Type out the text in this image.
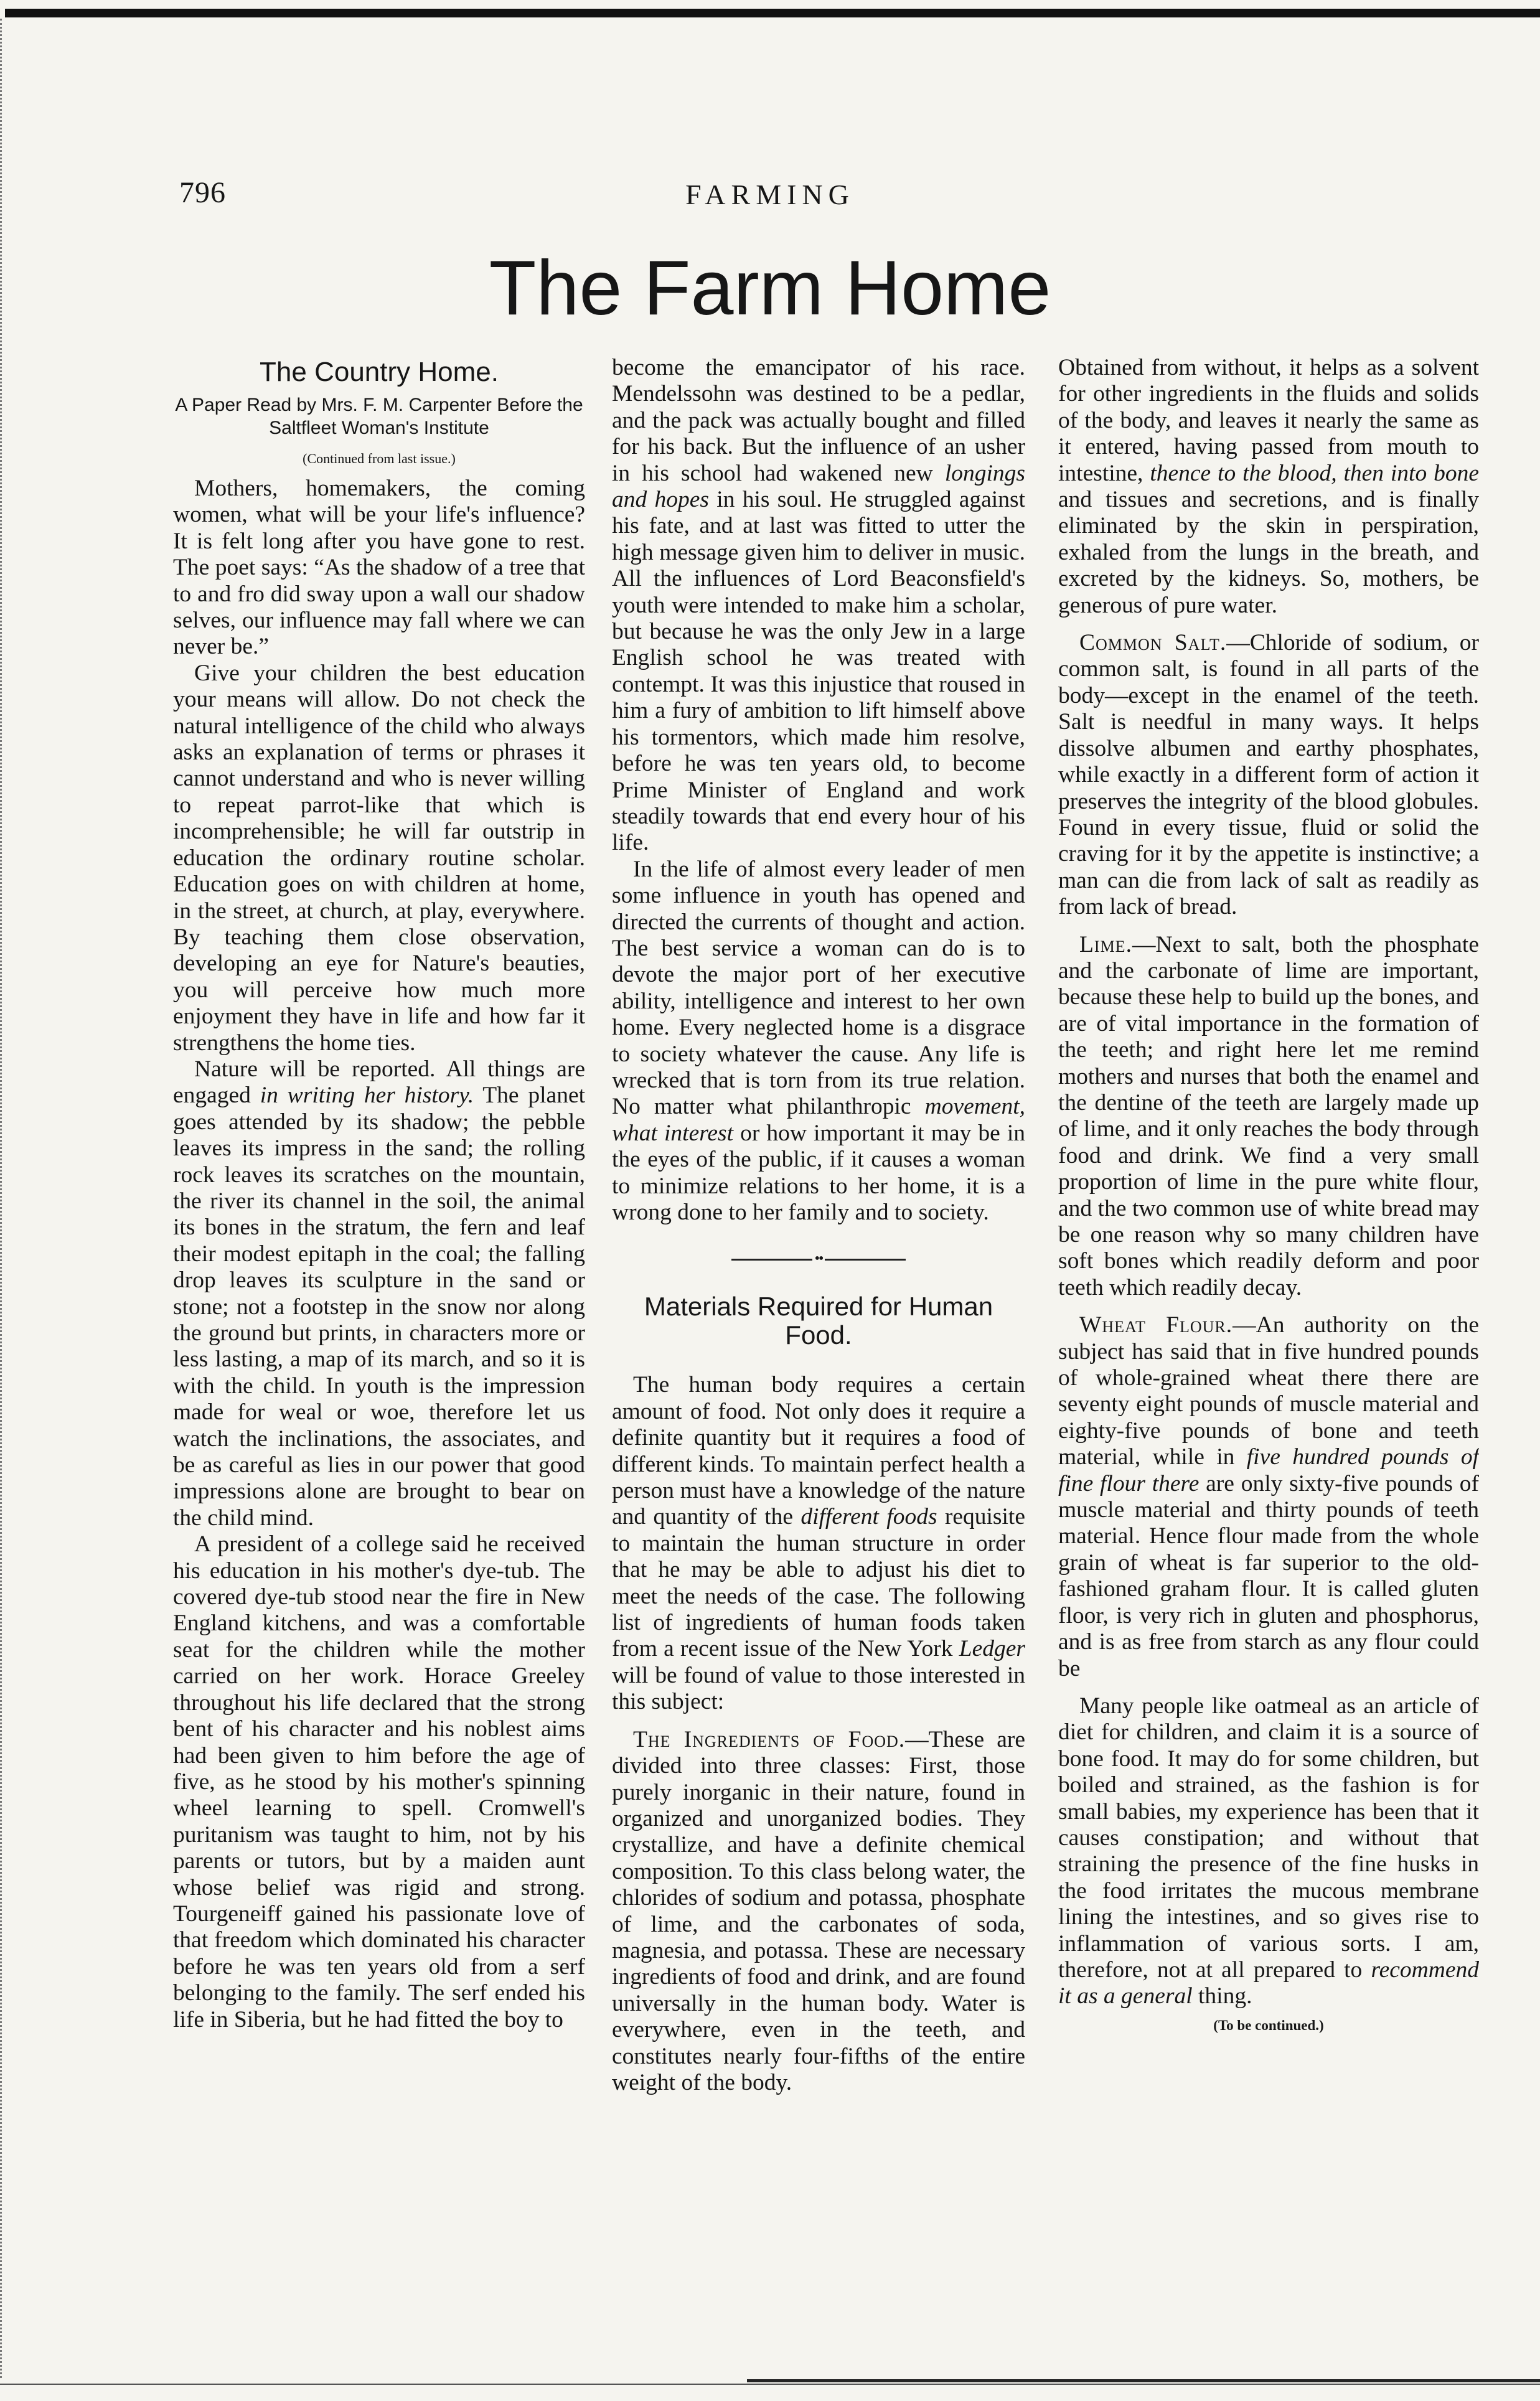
796	FARMING
The Farm Home
The Country Home.
A Paper Read by Mrs. F. M. Carpenter Before the Saltfleet Woman's Institute
(Continued from last issue.)

Mothers, homemakers, the coming women, what will be your life's influence? It is felt long after you have gone to rest. The poet says: “As the shadow of a tree that to and fro did sway upon a wall our shadow selves, our influence may fall where we can never be.”

Give your children the best education your means will allow. Do not check the natural intelligence of the child who always asks an explanation of terms or phrases it cannot understand and who is never willing to repeat parrot-like that which is incomprehensible; he will far outstrip in education the ordinary routine scholar. Education goes on with children at home, in the street, at church, at play, everywhere. By teaching them close observation, developing an eye for Nature's beauties, you will perceive how much more enjoyment they have in life and how far it strengthens the home ties.

Nature will be reported. All things are engaged in writing her history. The planet goes attended by its shadow; the pebble leaves its impress in the sand; the rolling rock leaves its scratches on the mountain, the river its channel in the soil, the animal its bones in the stratum, the fern and leaf their modest epitaph in the coal; the falling drop leaves its sculpture in the sand or stone; not a footstep in the snow nor along the ground but prints, in characters more or less lasting, a map of its march, and so it is with the child. In youth is the impression made for weal or woe, therefore let us watch the inclinations, the associates, and be as careful as lies in our power that good impressions alone are brought to bear on the child mind.

A president of a college said he received his education in his mother's dye-tub. The covered dye-tub stood near the fire in New England kitchens, and was a comfortable seat for the children while the mother carried on her work. Horace Greeley throughout his life declared that the strong bent of his character and his noblest aims had been given to him before the age of five, as he stood by his mother's spinning wheel learning to spell. Cromwell's puritanism was taught to him, not by his parents or tutors, but by a maiden aunt whose belief was rigid and strong. Tourgeneiff gained his passionate love of that freedom which dominated his character before he was ten years old from a serf belonging to the family. The serf ended his life in Siberia, but he had fitted the boy to

become the emancipator of his race. Mendelssohn was destined to be a pedlar, and the pack was actually bought and filled for his back. But the influence of an usher in his school had wakened new longings and hopes in his soul. He struggled against his fate, and at last was fitted to utter the high message given him to deliver in music. All the influences of Lord Beaconsfield's youth were intended to make him a scholar, but because he was the only Jew in a large English school he was treated with contempt. It was this injustice that roused in him a fury of ambition to lift himself above his tormentors, which made him resolve, before he was ten years old, to become Prime Minister of England and work steadily towards that end every hour of his life.

In the life of almost every leader of men some influence in youth has opened and directed the currents of thought and action. The best service a woman can do is to devote the major port of her executive ability, intelligence and interest to her own home. Every neglected home is a disgrace to society whatever the cause. Any life is wrecked that is torn from its true relation. No matter what philanthropic movement, what interest or how important it may be in the eyes of the public, if it causes a woman to minimize relations to her home, it is a wrong done to her family and to society.

••
Materials Required for Human Food.

The human body requires a certain amount of food. Not only does it require a definite quantity but it requires a food of different kinds. To maintain perfect health a person must have a knowledge of the nature and quantity of the different foods requisite to maintain the human structure in order that he may be able to adjust his diet to meet the needs of the case. The following list of ingredients of human foods taken from a recent issue of the New York Ledger will be found of value to those interested in this subject:

The Ingredients of Food.—These are divided into three classes: First, those purely inorganic in their nature, found in organized and unorganized bodies. They crystallize, and have a definite chemical composition. To this class belong water, the chlorides of sodium and potassa, phosphate of lime, and the carbonates of soda, magnesia, and potassa. These are necessary ingredients of food and drink, and are found universally in the human body. Water is everywhere, even in the teeth, and constitutes nearly four-fifths of the entire weight of the body.

Obtained from without, it helps as a solvent for other ingredients in the fluids and solids of the body, and leaves it nearly the same as it entered, having passed from mouth to intestine, thence to the blood, then into bone and tissues and secretions, and is finally eliminated by the skin in perspiration, exhaled from the lungs in the breath, and excreted by the kidneys. So, mothers, be generous of pure water.

Common Salt.—Chloride of sodium, or common salt, is found in all parts of the body—except in the enamel of the teeth. Salt is needful in many ways. It helps dissolve albumen and earthy phosphates, while exactly in a different form of action it preserves the integrity of the blood globules. Found in every tissue, fluid or solid the craving for it by the appetite is instinctive; a man can die from lack of salt as readily as from lack of bread.

Lime.—Next to salt, both the phosphate and the carbonate of lime are important, because these help to build up the bones, and are of vital importance in the formation of the teeth; and right here let me remind mothers and nurses that both the enamel and the dentine of the teeth are largely made up of lime, and it only reaches the body through food and drink. We find a very small proportion of lime in the pure white flour, and the two common use of white bread may be one reason why so many children have soft bones which readily deform and poor teeth which readily decay.

Wheat Flour.—An authority on the subject has said that in five hundred pounds of whole-grained wheat there there are seventy eight pounds of muscle material and eighty-five pounds of bone and teeth material, while in five hundred pounds of fine flour there are only sixty-five pounds of muscle material and thirty pounds of teeth material. Hence flour made from the whole grain of wheat is far superior to the old-fashioned graham flour. It is called gluten floor, is very rich in gluten and phosphorus, and is as free from starch as any flour could be

Many people like oatmeal as an article of diet for children, and claim it is a source of bone food. It may do for some children, but boiled and strained, as the fashion is for small babies, my experience has been that it causes constipation; and without that straining the presence of the fine husks in the food irritates the mucous membrane lining the intestines, and so gives rise to inflammation of various sorts. I am, therefore, not at all prepared to recommend it as a general thing.

(To be continued.)
